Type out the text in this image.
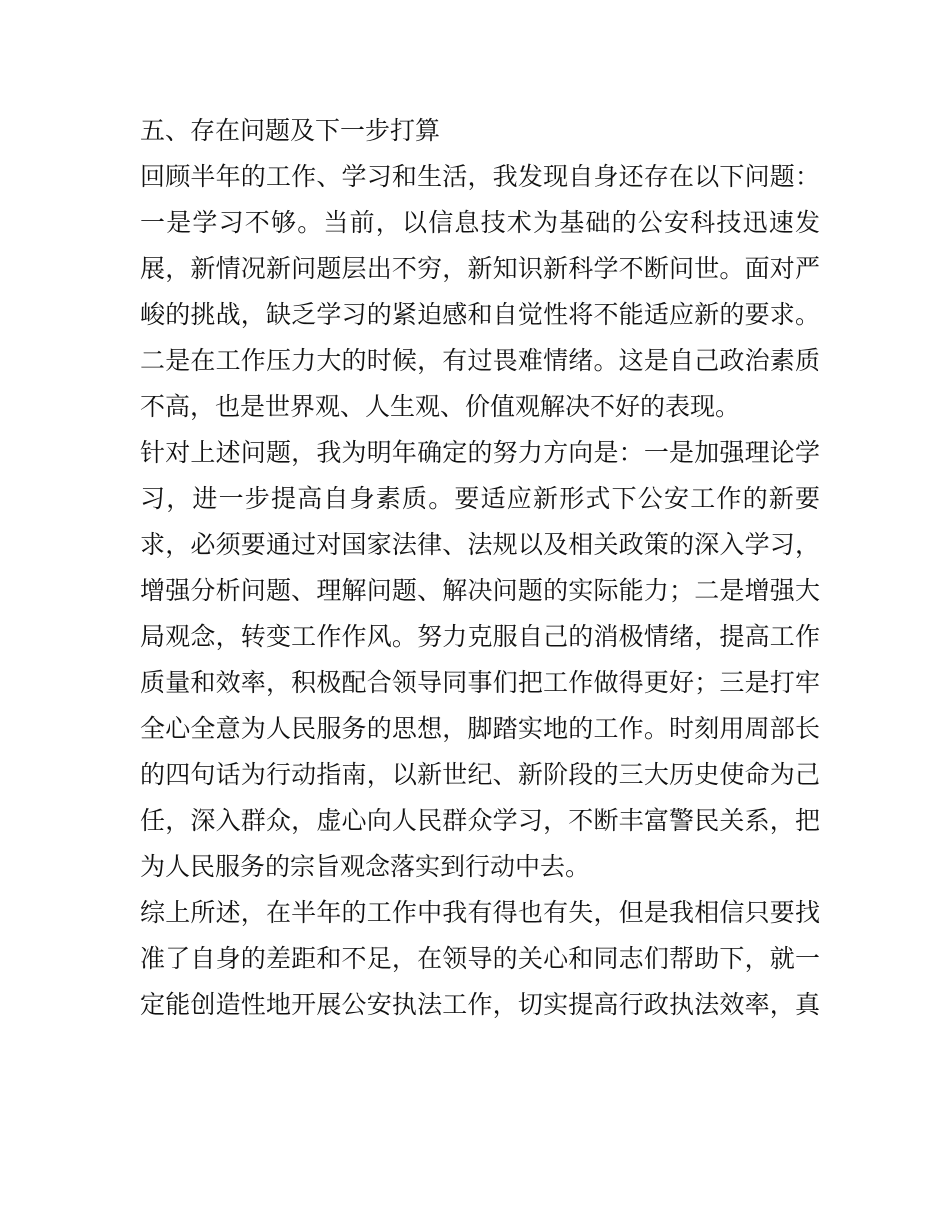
五、存在问题及下一步打算
回顾半年的工作、学习和生活，我发现自身还存在以下问题：
一是学习不够。当前，以信息技术为基础的公安科技迅速发
展，新情况新问题层出不穷，新知识新科学不断问世。面对严
峻的挑战，缺乏学习的紧迫感和自觉性将不能适应新的要求。
二是在工作压力大的时候，有过畏难情绪。这是自己政治素质
不高，也是世界观、人生观、价值观解决不好的表现。
针对上述问题，我为明年确定的努力方向是：一是加强理论学
习，进一步提高自身素质。要适应新形式下公安工作的新要
求，必须要通过对国家法律、法规以及相关政策的深入学习，
增强分析问题、理解问题、解决问题的实际能力；二是增强大
局观念，转变工作作风。努力克服自己的消极情绪，提高工作
质量和效率，积极配合领导同事们把工作做得更好；三是打牢
全心全意为人民服务的思想，脚踏实地的工作。时刻用周部长
的四句话为行动指南，以新世纪、新阶段的三大历史使命为己
任，深入群众，虚心向人民群众学习，不断丰富警民关系，把
为人民服务的宗旨观念落实到行动中去。
综上所述，在半年的工作中我有得也有失，但是我相信只要找
准了自身的差距和不足，在领导的关心和同志们帮助下，就一
定能创造性地开展公安执法工作，切实提高行政执法效率，真
